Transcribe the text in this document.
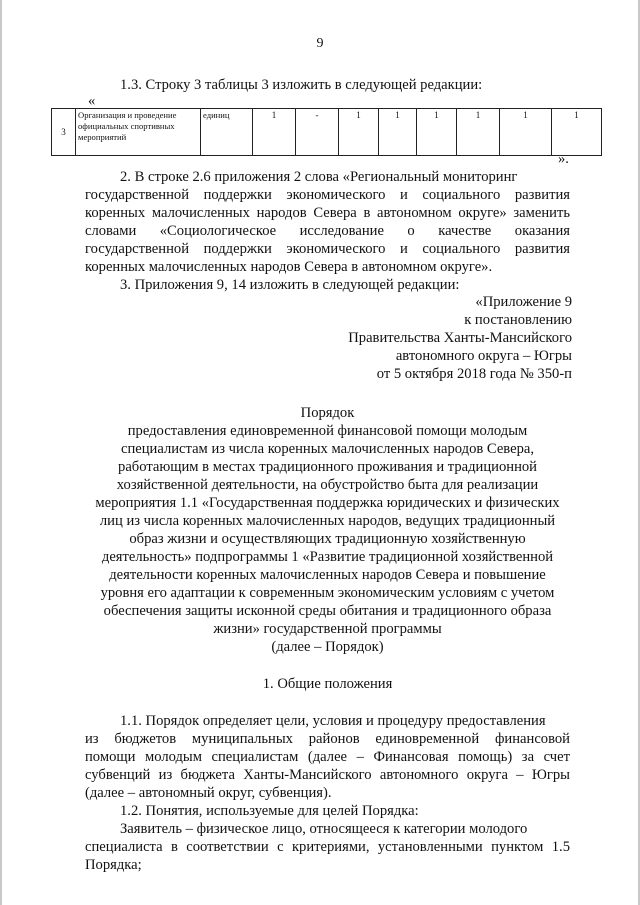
9
1.3. Строку 3 таблицы 3 изложить в следующей редакции:
«
3	Организация и проведение официальных спортивных мероприятий	единиц	1	-	1	1	1	1	1	1
».
2. В строке 2.6 приложения 2 слова «Региональный мониторинг
государственной поддержки экономического и социального развития
коренных малочисленных народов Севера в автономном округе» заменить
словами «Социологическое исследование о качестве оказания
государственной поддержки экономического и социального развития
коренных малочисленных народов Севера в автономном округе».
3. Приложения 9, 14 изложить в следующей редакции:
«Приложение 9
к постановлению
Правительства Ханты-Мансийского
автономного округа – Югры
от 5 октября 2018 года № 350-п
Порядок
предоставления единовременной финансовой помощи молодым
специалистам из числа коренных малочисленных народов Севера,
работающим в местах традиционного проживания и традиционной
хозяйственной деятельности, на обустройство быта для реализации
мероприятия 1.1 «Государственная поддержка юридических и физических
лиц из числа коренных малочисленных народов, ведущих традиционный
образ жизни и осуществляющих традиционную хозяйственную
деятельность» подпрограммы 1 «Развитие традиционной хозяйственной
деятельности коренных малочисленных народов Севера и повышение
уровня его адаптации к современным экономическим условиям с учетом
обеспечения защиты исконной среды обитания и традиционного образа
жизни» государственной программы
(далее – Порядок)
1. Общие положения
1.1. Порядок определяет цели, условия и процедуру предоставления
из бюджетов муниципальных районов единовременной финансовой
помощи молодым специалистам (далее – Финансовая помощь) за счет
субвенций из бюджета Ханты-Мансийского автономного округа – Югры
(далее – автономный округ, субвенция).
1.2. Понятия, используемые для целей Порядка:
Заявитель – физическое лицо, относящееся к категории молодого
специалиста в соответствии с критериями, установленными пунктом 1.5
Порядка;
